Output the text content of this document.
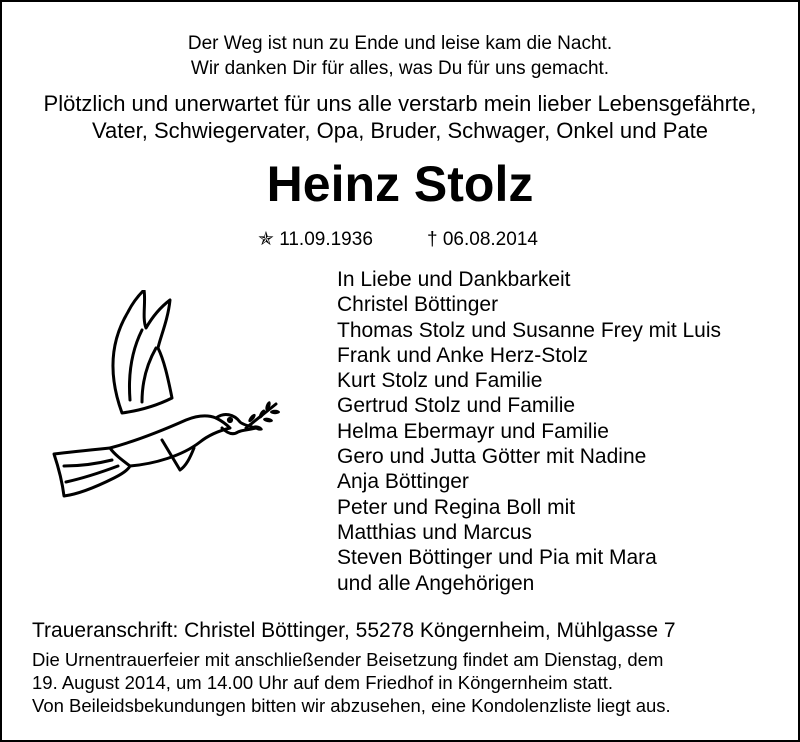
Der Weg ist nun zu Ende und leise kam die Nacht.
Wir danken Dir für alles, was Du für uns gemacht.
Plötzlich und unerwartet für uns alle verstarb mein lieber Lebensgefährte,
Vater, Schwiegervater, Opa, Bruder, Schwager, Onkel und Pate
Heinz Stolz
✯ 11.09.1936	† 06.08.2014
In Liebe und Dankbarkeit
Christel Böttinger
Thomas Stolz und Susanne Frey mit Luis
Frank und Anke Herz-Stolz
Kurt Stolz und Familie
Gertrud Stolz und Familie
Helma Ebermayr und Familie
Gero und Jutta Götter mit Nadine
Anja Böttinger
Peter und Regina Boll mit
Matthias und Marcus
Steven Böttinger und Pia mit Mara
und alle Angehörigen
Traueranschrift: Christel Böttinger, 55278 Köngernheim, Mühlgasse 7
Die Urnentrauerfeier mit anschließender Beisetzung findet am Dienstag, dem
19. August 2014, um 14.00 Uhr auf dem Friedhof in Köngernheim statt.
Von Beileidsbekundungen bitten wir abzusehen, eine Kondolenzliste liegt aus.
